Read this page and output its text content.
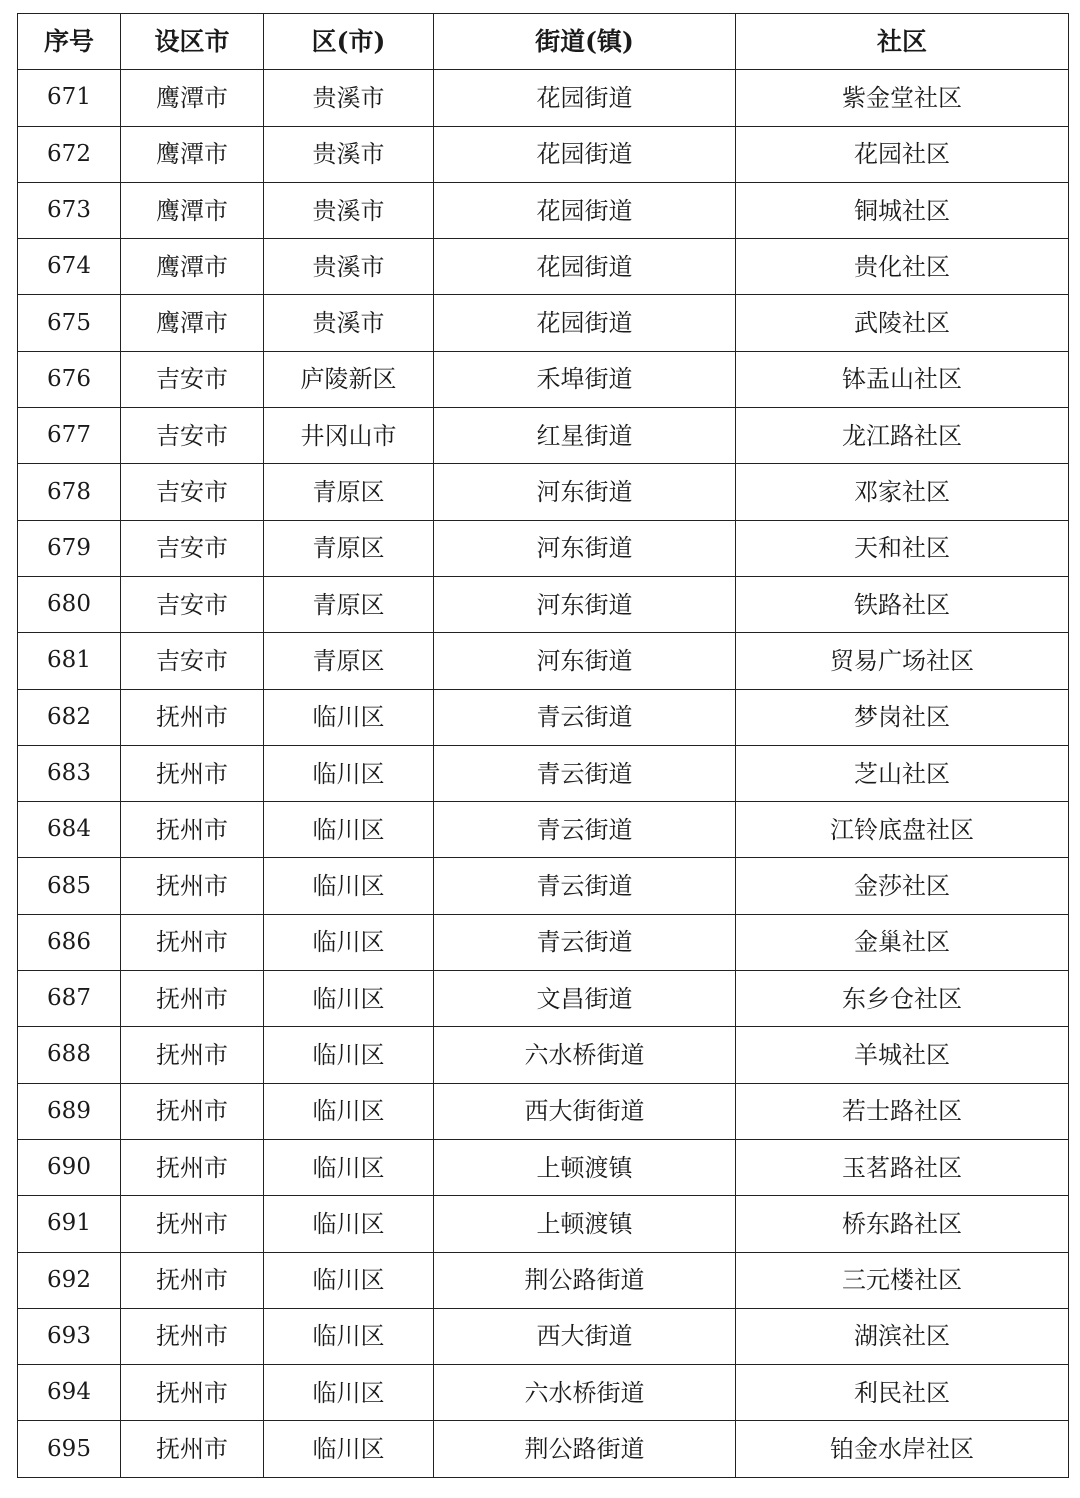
序号	设区市	区(市)	街道(镇)	社区
671	鹰潭市	贵溪市	花园街道	紫金堂社区
672	鹰潭市	贵溪市	花园街道	花园社区
673	鹰潭市	贵溪市	花园街道	铜城社区
674	鹰潭市	贵溪市	花园街道	贵化社区
675	鹰潭市	贵溪市	花园街道	武陵社区
676	吉安市	庐陵新区	禾埠街道	钵盂山社区
677	吉安市	井冈山市	红星街道	龙江路社区
678	吉安市	青原区	河东街道	邓家社区
679	吉安市	青原区	河东街道	天和社区
680	吉安市	青原区	河东街道	铁路社区
681	吉安市	青原区	河东街道	贸易广场社区
682	抚州市	临川区	青云街道	梦岗社区
683	抚州市	临川区	青云街道	芝山社区
684	抚州市	临川区	青云街道	江铃底盘社区
685	抚州市	临川区	青云街道	金莎社区
686	抚州市	临川区	青云街道	金巢社区
687	抚州市	临川区	文昌街道	东乡仓社区
688	抚州市	临川区	六水桥街道	羊城社区
689	抚州市	临川区	西大街街道	若士路社区
690	抚州市	临川区	上顿渡镇	玉茗路社区
691	抚州市	临川区	上顿渡镇	桥东路社区
692	抚州市	临川区	荆公路街道	三元楼社区
693	抚州市	临川区	西大街道	湖滨社区
694	抚州市	临川区	六水桥街道	利民社区
695	抚州市	临川区	荆公路街道	铂金水岸社区
